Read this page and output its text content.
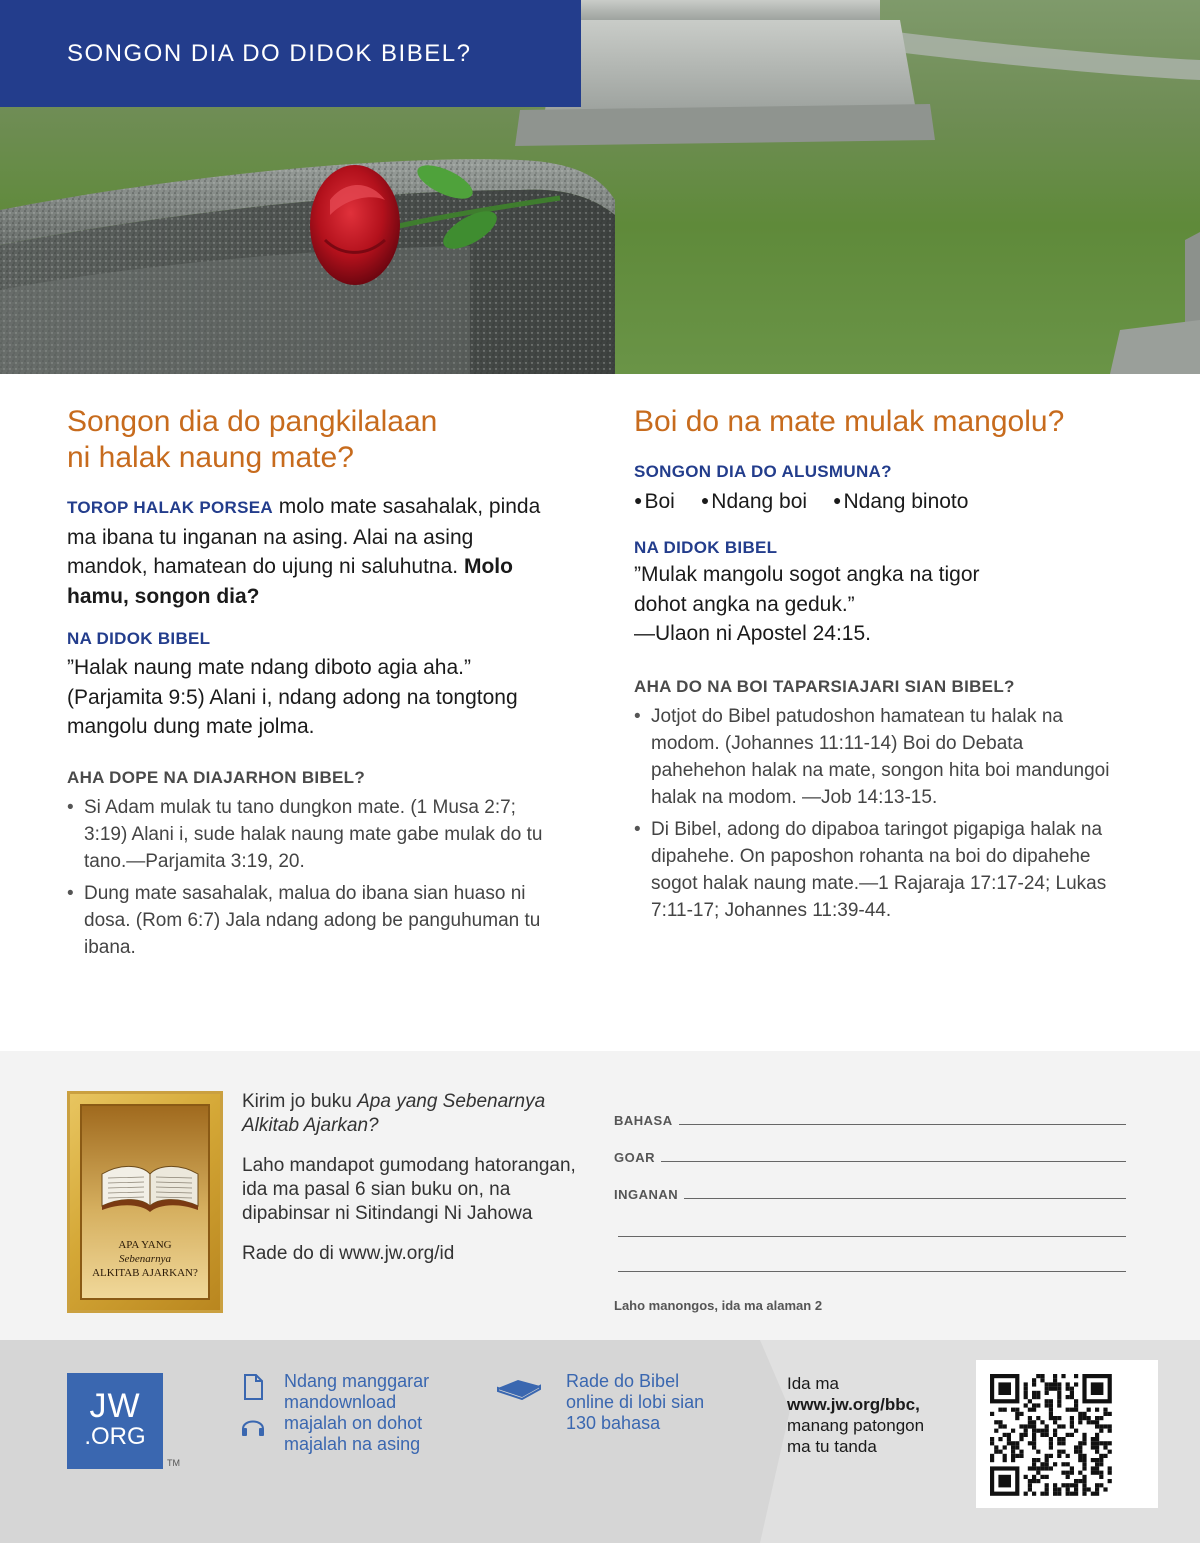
SONGON DIA DO DIDOK BIBEL?
Songon dia do pangkilalaan
ni halak naung mate?

TOROP HALAK PORSEA molo mate sasahalak, pinda ma ibana tu inganan na asing. Alai na asing mandok, hamatean do ujung ni saluhutna. Molo hamu, songon dia?

NA DIDOK BIBEL

”Halak naung mate ndang diboto agia aha.” (Parjamita 9:5) Alani i, ndang adong na tongtong mangolu dung mate jolma.

AHA DOPE NA DIAJARHON BIBEL?
• Si Adam mulak tu tano dungkon mate. (1 Musa 2:7; 3:19) Alani i, sude halak naung mate gabe mulak do tu tano.—Parjamita 3:19, 20.
• Dung mate sasahalak, malua do ibana sian huaso ni dosa. (Rom 6:7) Jala ndang adong be panguhuman tu ibana.
Boi do na mate mulak mangolu?
SONGON DIA DO ALUSMUNA?
● Boi	● Ndang boi	● Ndang binoto
NA DIDOK BIBEL

”Mulak mangolu sogot angka na tigor
dohot angka na geduk.”
—Ulaon ni Apostel 24:15.

AHA DO NA BOI TAPARSIAJARI SIAN BIBEL?
• Jotjot do Bibel patudoshon hamatean tu halak na modom. (Johannes 11:11-14) Boi do Debata pahehehon halak na mate, songon hita boi mandungoi halak na modom. —Job 14:13-15.
• Di Bibel, adong do dipaboa taringot pigapiga halak na dipahehe. On paposhon rohanta na boi do dipahehe sogot halak naung mate.—1 Rajaraja 17:17-24; Lukas 7:11-17; Johannes 11:39-44.
APA YANG
Sebenarnya
ALKITAB AJARKAN?

Kirim jo buku Apa yang Sebenarnya Alkitab Ajarkan?

Laho mandapot gumodang hatorangan, ida ma pasal 6 sian buku on, na dipabinsar ni Sitindangi Ni Jahowa

Rade do di www.jw.org/id

BAHASA
GOAR
INGANAN
Laho manongos, ida ma alaman 2
JW
.ORG
TM
Ndang manggarar
mandownload
majalah on dohot
majalah na asing
Rade do Bibel
online di lobi sian
130 bahasa
Ida ma
www.jw.org/bbc,
manang patongon
ma tu tanda
